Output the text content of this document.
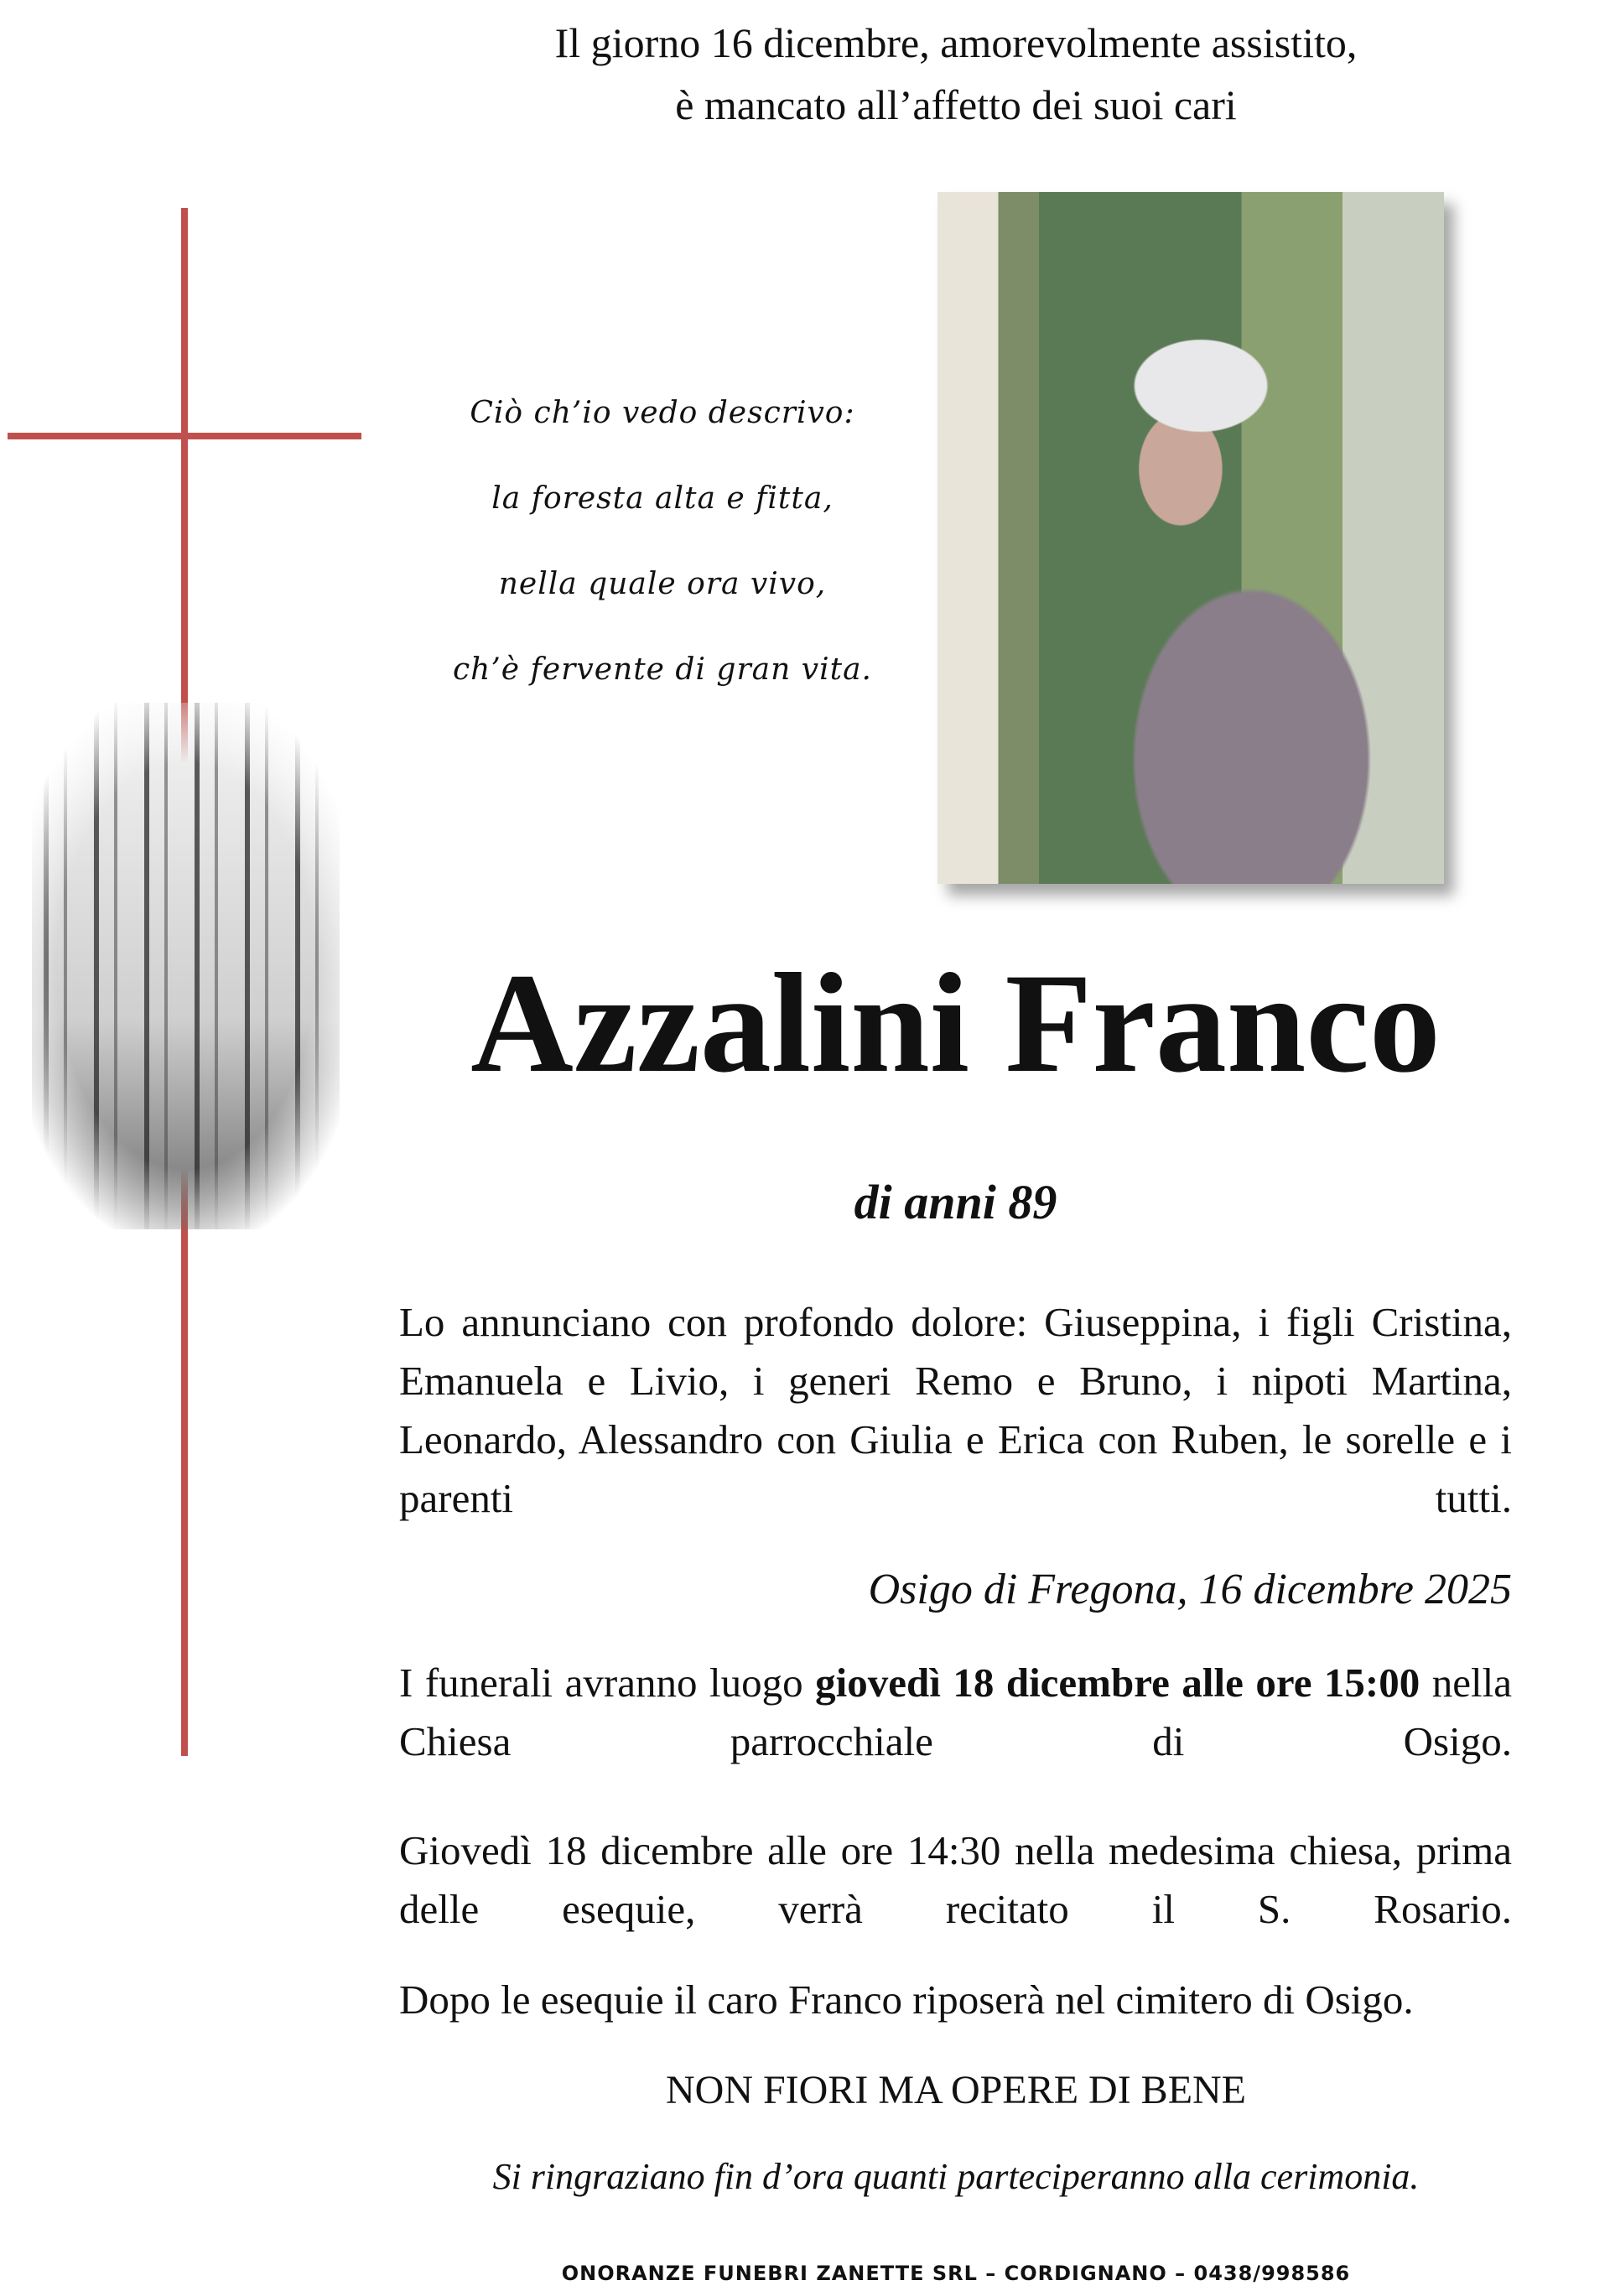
Il giorno 16 dicembre, amorevolmente assistito,
è mancato all’affetto dei suoi cari
Ciò ch’io vedo descrivo:
la foresta alta e fitta,
nella quale ora vivo,
ch’è fervente di gran vita.
Azzalini Franco
di anni 89
Lo annunciano con profondo dolore: Giuseppina, i figli Cristina, Emanuela e Livio, i generi Remo e Bruno, i nipoti Martina, Leonardo, Alessandro con Giulia e Erica con Ruben, le sorelle e i parenti tutti.
Osigo di Fregona, 16 dicembre 2025
I funerali avranno luogo giovedì 18 dicembre alle ore 15:00 nella Chiesa parrocchiale di Osigo.
Giovedì 18 dicembre alle ore 14:30 nella medesima chiesa, prima delle esequie, verrà recitato il S. Rosario.
Dopo le esequie il caro Franco riposerà nel cimitero di Osigo.
NON FIORI MA OPERE DI BENE
Si ringraziano fin d’ora quanti parteciperanno alla cerimonia.
ONORANZE FUNEBRI ZANETTE SRL – CORDIGNANO – 0438/998586
